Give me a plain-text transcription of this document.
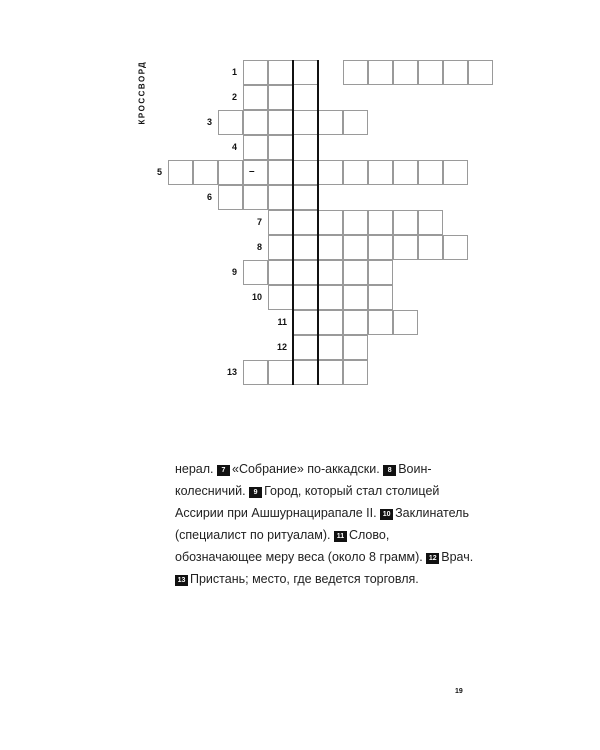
КРОССВОРД	1
2
3
4
5	–
6
7
8
9
10
11
12
13

нерал. 7 «Собрание» по-аккадски. 8 Воин-колесничий. 9 Город, который стал столицей Ассирии при Ашшурнацирапале II. 10 Заклинатель (специалист по ритуалам). 11 Слово, обозначающее меру веса (около 8 грамм). 12 Врач. 13 Пристань; место, где ведется торговля.

19
